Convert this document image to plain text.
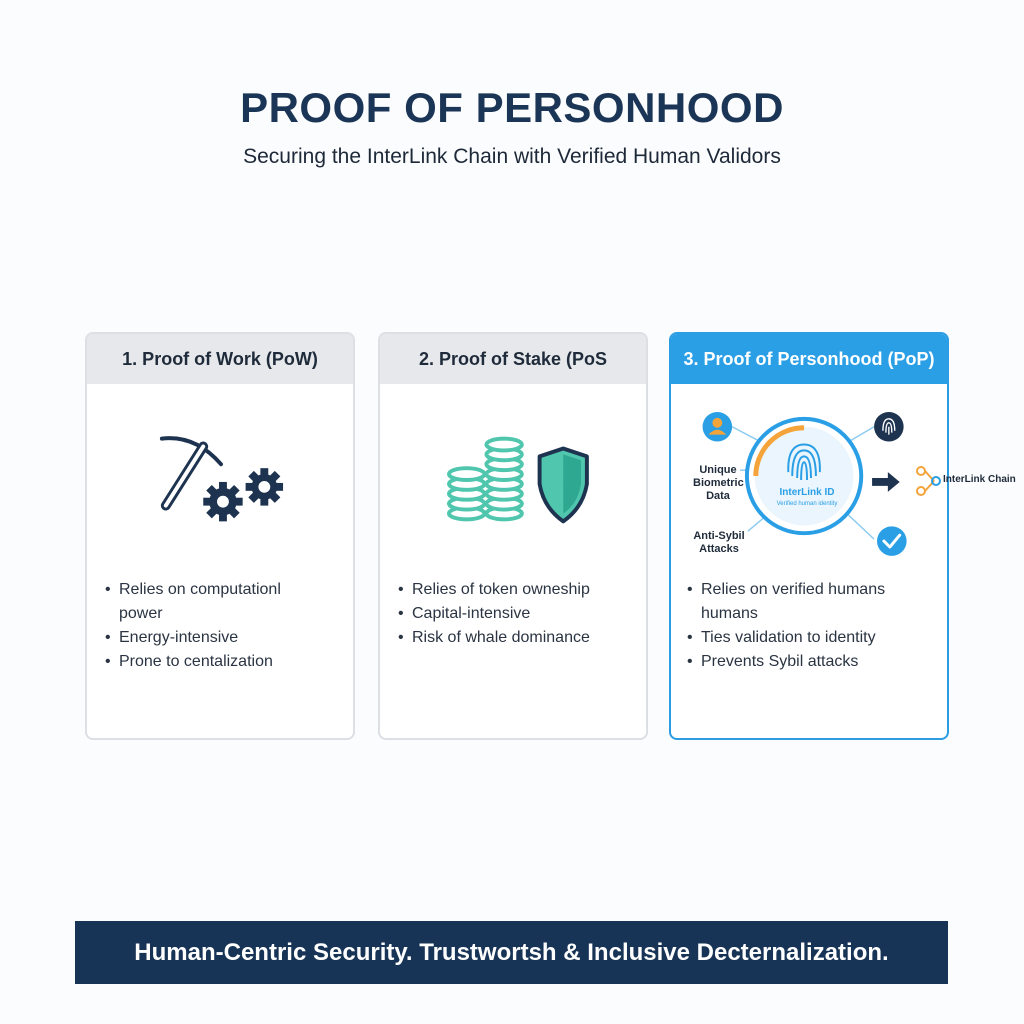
PROOF OF PERSONHOOD
Securing the InterLink Chain with Verified Human Validors
1. Proof of Work (PoW)
• Relies on computationl
power
• Energy-intensive
• Prone to centalization
2. Proof of Stake (PoS
• Relies of token owneship
• Capital-intensive
• Risk of whale dominance
3. Proof of Personhood (PoP)
Unique
Biometric
Data
Anti-Sybil
Attacks
InterLink ID
Verified human identity
• Relies on verified humans
humans
• Ties validation to identity
• Prevents Sybil attacks
InterLink Chain
Human-Centric Security. Trustwortsh & Inclusive Decternalization.
